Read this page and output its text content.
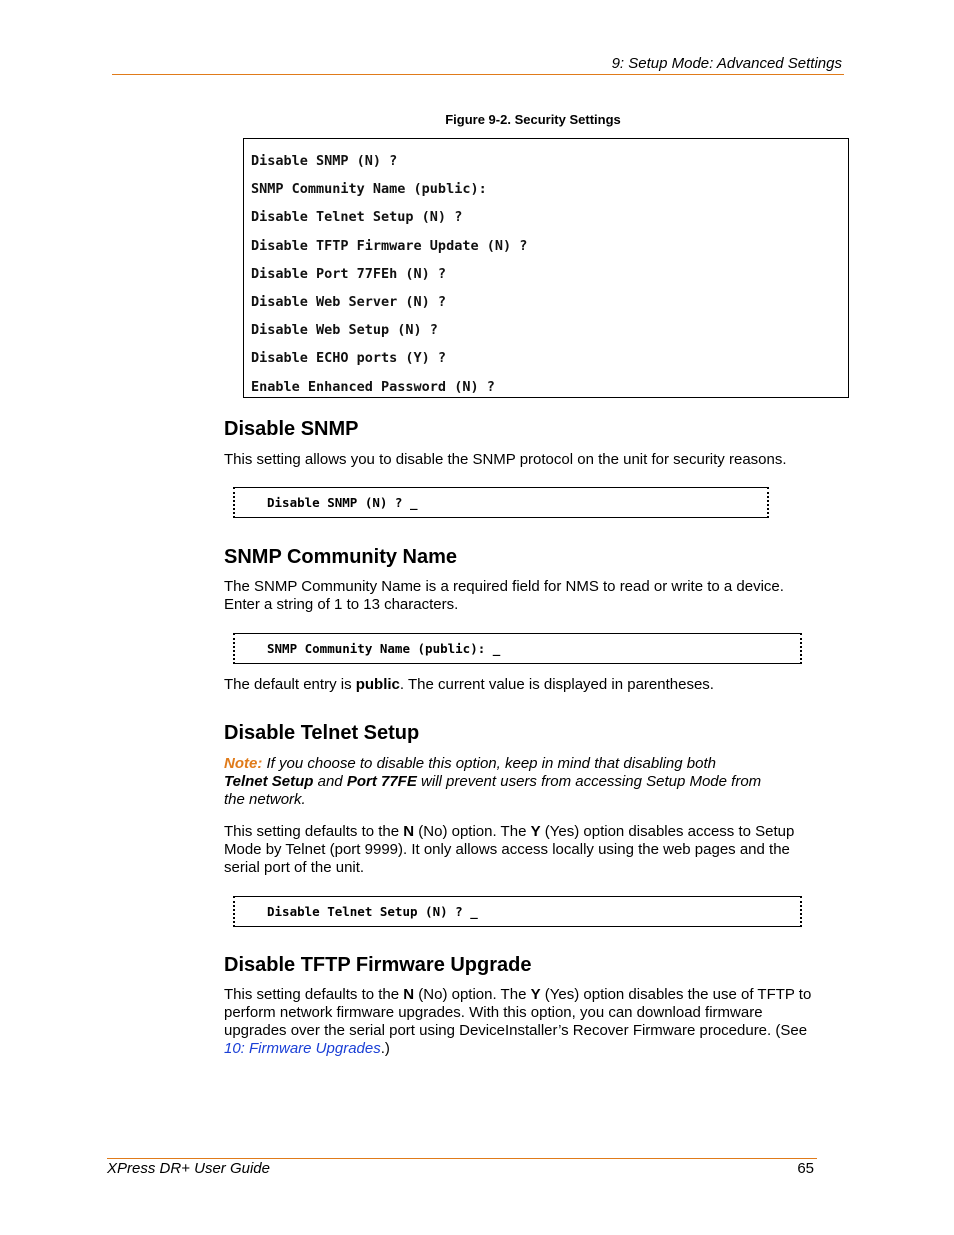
9: Setup Mode: Advanced Settings
Figure 9-2. Security Settings
Disable SNMP (N) ?
SNMP Community Name (public):
Disable Telnet Setup (N) ?
Disable TFTP Firmware Update (N) ?
Disable Port 77FEh (N) ?
Disable Web Server (N) ?
Disable Web Setup (N) ?
Disable ECHO ports (Y) ?
Enable Enhanced Password (N) ?
Disable SNMP
This setting allows you to disable the SNMP protocol on the unit for security reasons.
Disable SNMP (N) ? _
SNMP Community Name
The SNMP Community Name is a required field for NMS to read or write to a device.
Enter a string of 1 to 13 characters.
SNMP Community Name (public): _
The default entry is public. The current value is displayed in parentheses.
Disable Telnet Setup
Note: If you choose to disable this option, keep in mind that disabling both
Telnet Setup and Port 77FE will prevent users from accessing Setup Mode from
the network.
This setting defaults to the N (No) option. The Y (Yes) option disables access to Setup
Mode by Telnet (port 9999). It only allows access locally using the web pages and the
serial port of the unit.
Disable Telnet Setup (N) ? _
Disable TFTP Firmware Upgrade
This setting defaults to the N (No) option. The Y (Yes) option disables the use of TFTP to
perform network firmware upgrades. With this option, you can download firmware
upgrades over the serial port using DeviceInstaller’s Recover Firmware procedure. (See
10: Firmware Upgrades.)
XPress DR+ User Guide	65
